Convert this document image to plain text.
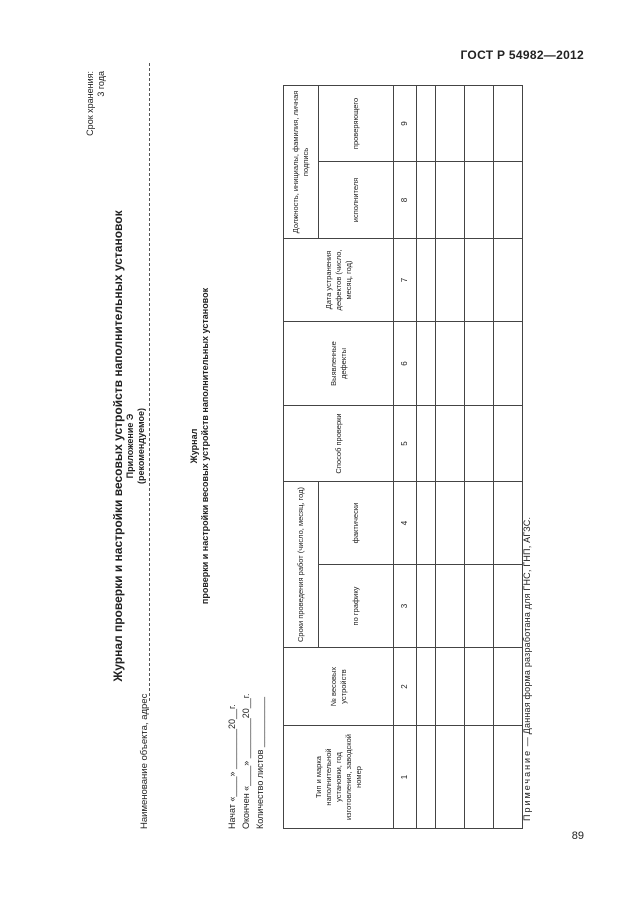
ГОСТ Р 54982—2012
89
Приложение Э (рекомендуемое)
Срок хранения: 3 года
Журнал проверки и настройки весовых устройств наполнительных установок
Наименование объекта, адрес	Начат «____» ________20__г. Окончен «____» ________20__г. Количество листов __________
Журнал проверки и настройки весовых устройств наполнительных установок
Тип и марка наполнительной установки, год изготовления, заводской номер	№ весовых устройств	Сроки проведения работ (число, месяц, год)		Способ проверки	Выявленные дефекты	Дата устранения дефектов (число, месяц, год)	Должность, инициалы, фамилия, личная подпись	
		по графику	фактически				исполнителя	проверяющего
1	2	3	4	5	6	7	8	9

Примечание — Данная форма разработана для ГНС, ГНП, АГЗС.
